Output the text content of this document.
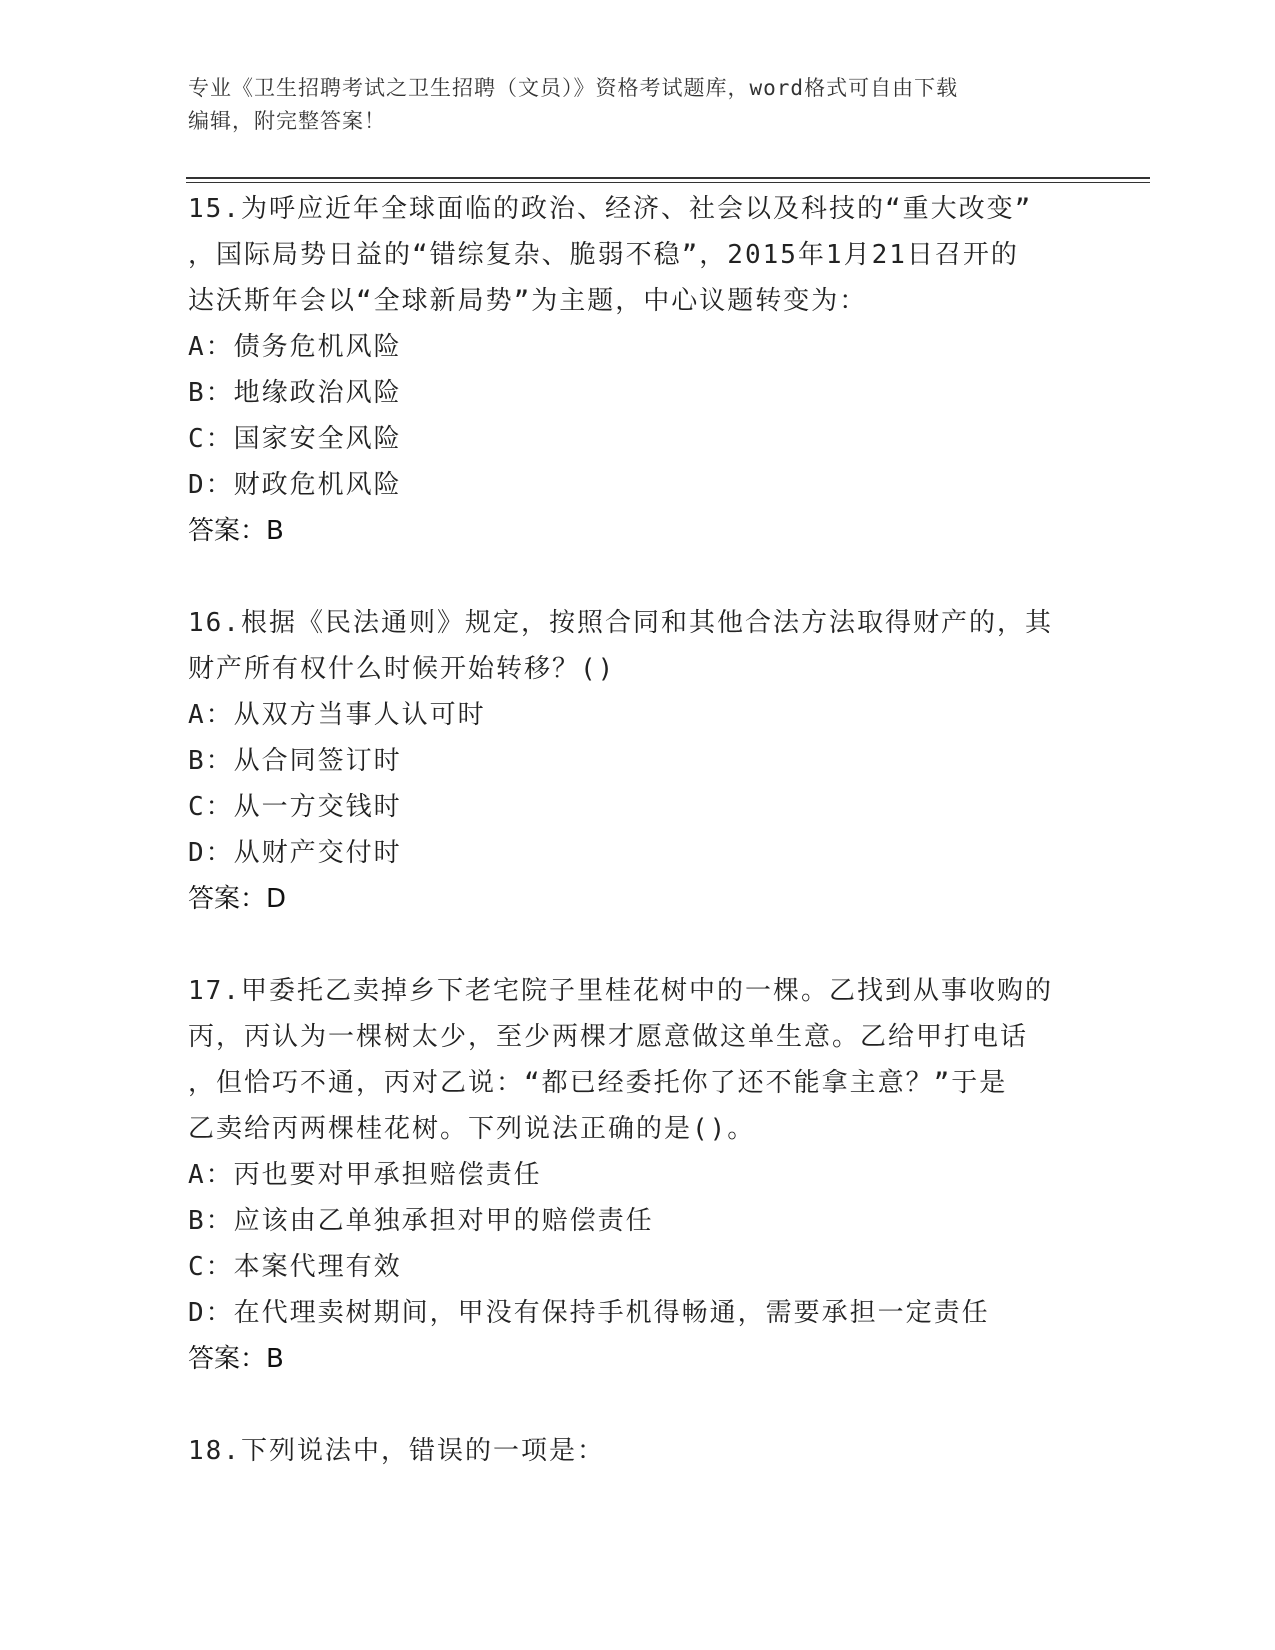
专业《卫生招聘考试之卫生招聘（文员）》资格考试题库，word格式可自由下载
编辑，附完整答案！
15.为呼应近年全球面临的政治、经济、社会以及科技的“重大改变”
，国际局势日益的“错综复杂、脆弱不稳”，2015年1月21日召开的
达沃斯年会以“全球新局势”为主题，中心议题转变为：
A：债务危机风险
B：地缘政治风险
C：国家安全风险
D：财政危机风险
答案：B
16.根据《民法通则》规定，按照合同和其他合法方法取得财产的，其
财产所有权什么时候开始转移？()
A：从双方当事人认可时
B：从合同签订时
C：从一方交钱时
D：从财产交付时
答案：D
17.甲委托乙卖掉乡下老宅院子里桂花树中的一棵。乙找到从事收购的
丙，丙认为一棵树太少，至少两棵才愿意做这单生意。乙给甲打电话
，但恰巧不通，丙对乙说：“都已经委托你了还不能拿主意？”于是
乙卖给丙两棵桂花树。下列说法正确的是()。
A：丙也要对甲承担赔偿责任
B：应该由乙单独承担对甲的赔偿责任
C：本案代理有效
D：在代理卖树期间，甲没有保持手机得畅通，需要承担一定责任
答案：B
18.下列说法中，错误的一项是：
